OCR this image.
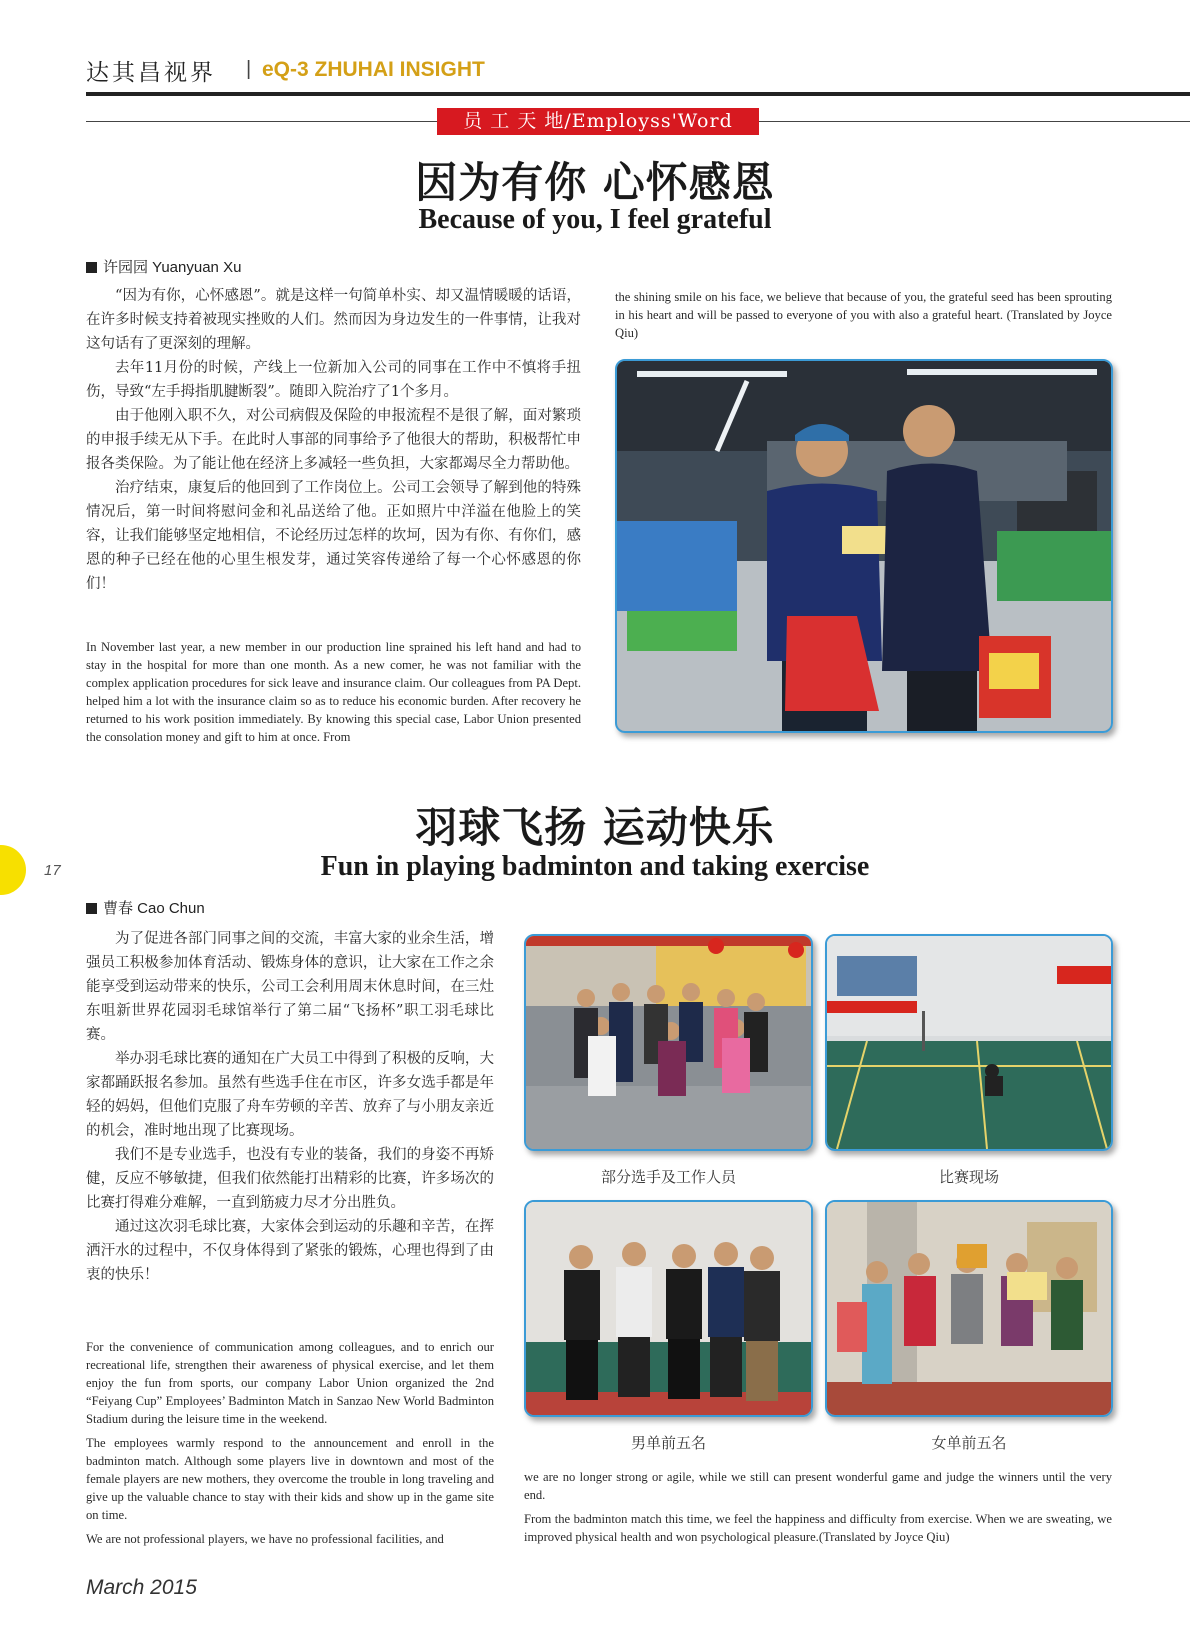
达其昌视界 | eQ-3 ZHUHAI INSIGHT
员 工 天 地/Employss'Word
因为有你 心怀感恩
Because of you, I feel grateful
许园园 Yuanyuan Xu

“因为有你，心怀感恩”。就是这样一句简单朴实、却又温情暖暖的话语，在许多时候支持着被现实挫败的人们。然而因为身边发生的一件事情，让我对这句话有了更深刻的理解。

去年11月份的时候，产线上一位新加入公司的同事在工作中不慎将手扭伤，导致“左手拇指肌腱断裂”。随即入院治疗了1个多月。

由于他刚入职不久，对公司病假及保险的申报流程不是很了解，面对繁琐的申报手续无从下手。在此时人事部的同事给予了他很大的帮助，积极帮忙申报各类保险。为了能让他在经济上多减轻一些负担，大家都竭尽全力帮助他。

治疗结束，康复后的他回到了工作岗位上。公司工会领导了解到他的特殊情况后，第一时间将慰问金和礼品送给了他。正如照片中洋溢在他脸上的笑容，让我们能够坚定地相信，不论经历过怎样的坎坷，因为有你、有你们，感恩的种子已经在他的心里生根发芽，通过笑容传递给了每一个心怀感恩的你们！

In November last year, a new member in our production line sprained his left hand and had to stay in the hospital for more than one month. As a new comer, he was not familiar with the complex application procedures for sick leave and insurance claim. Our colleagues from PA Dept. helped him a lot with the insurance claim so as to reduce his economic burden. After recovery he returned to his work position immediately. By knowing this special case, Labor Union presented the consolation money and gift to him at once. From

the shining smile on his face, we believe that because of you, the grateful seed has been sprouting in his heart and will be passed to everyone of you with also a grateful heart. (Translated by Joyce Qiu)

羽球飞扬 运动快乐
Fun in playing badminton and taking exercise
曹春 Cao Chun

为了促进各部门同事之间的交流，丰富大家的业余生活，增强员工积极参加体育活动、锻炼身体的意识，让大家在工作之余能享受到运动带来的快乐，公司工会利用周末休息时间，在三灶东咀新世界花园羽毛球馆举行了第二届“飞扬杯”职工羽毛球比赛。

举办羽毛球比赛的通知在广大员工中得到了积极的反响，大家都踊跃报名参加。虽然有些选手住在市区，许多女选手都是年轻的妈妈，但他们克服了舟车劳顿的辛苦、放弃了与小朋友亲近的机会，准时地出现了比赛现场。

我们不是专业选手，也没有专业的装备，我们的身姿不再矫健，反应不够敏捷，但我们依然能打出精彩的比赛，许多场次的比赛打得难分难解，一直到筋疲力尽才分出胜负。

通过这次羽毛球比赛，大家体会到运动的乐趣和辛苦，在挥洒汗水的过程中，不仅身体得到了紧张的锻炼，心理也得到了由衷的快乐！

For the convenience of communication among colleagues, and to enrich our recreational life, strengthen their awareness of physical exercise, and let them enjoy the fun from sports, our company Labor Union organized the 2nd “Feiyang Cup” Employees’ Badminton Match in Sanzao New World Badminton Stadium during the leisure time in the weekend.

The employees warmly respond to the announcement and enroll in the badminton match. Although some players live in downtown and most of the female players are new mothers, they overcome the trouble in long traveling and give up the valuable chance to stay with their kids and show up in the game site on time.

We are not professional players, we have no professional facilities, and

we are no longer strong or agile, while we still can present wonderful game and judge the winners until the very end.

From the badminton match this time, we feel the happiness and difficulty from exercise. When we are sweating, we improved physical health and won psychological pleasure.(Translated by Joyce Qiu)

部分选手及工作人员	比赛现场
男单前五名	女单前五名
17
March 2015
